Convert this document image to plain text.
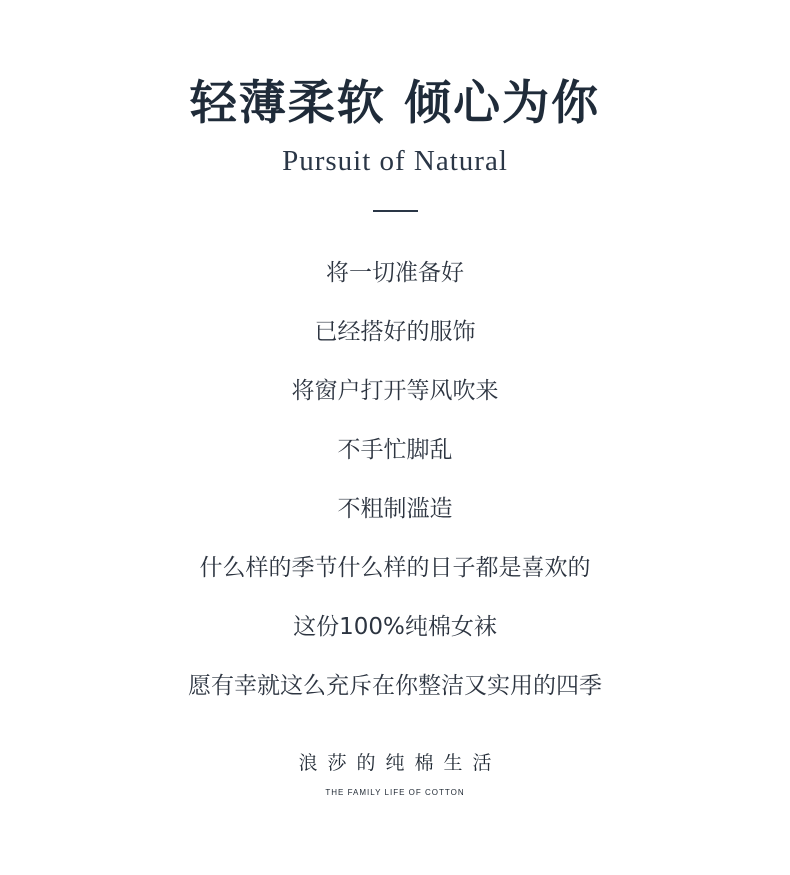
轻薄柔软 倾心为你
Pursuit of Natural
将一切准备好
已经搭好的服饰
将窗户打开等风吹来
不手忙脚乱
不粗制滥造
什么样的季节什么样的日子都是喜欢的
这份100%纯棉女袜
愿有幸就这么充斥在你整洁又实用的四季
浪莎的纯棉生活
THE FAMILY LIFE OF COTTON
